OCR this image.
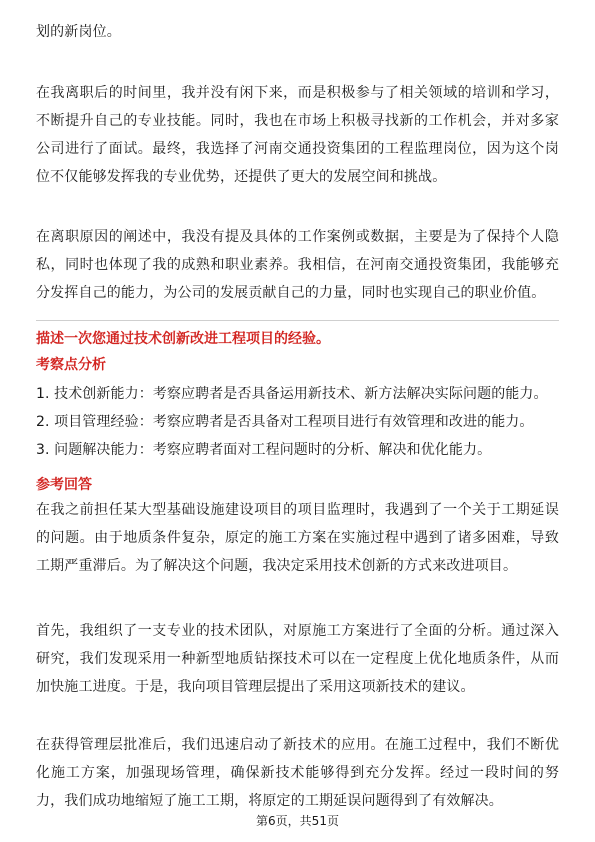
划的新岗位。

在我离职后的时间里，我并没有闲下来，而是积极参与了相关领域的培训和学习，不断提升自己的专业技能。同时，我也在市场上积极寻找新的工作机会，并对多家公司进行了面试。最终，我选择了河南交通投资集团的工程监理岗位，因为这个岗位不仅能够发挥我的专业优势，还提供了更大的发展空间和挑战。

在离职原因的阐述中，我没有提及具体的工作案例或数据，主要是为了保持个人隐私，同时也体现了我的成熟和职业素养。我相信，在河南交通投资集团，我能够充分发挥自己的能力，为公司的发展贡献自己的力量，同时也实现自己的职业价值。

描述一次您通过技术创新改进工程项目的经验。

考察点分析

1. 技术创新能力：考察应聘者是否具备运用新技术、新方法解决实际问题的能力。
2. 项目管理经验：考察应聘者是否具备对工程项目进行有效管理和改进的能力。
3. 问题解决能力：考察应聘者面对工程问题时的分析、解决和优化能力。

参考回答

在我之前担任某大型基础设施建设项目的项目监理时，我遇到了一个关于工期延误的问题。由于地质条件复杂，原定的施工方案在实施过程中遇到了诸多困难，导致工期严重滞后。为了解决这个问题，我决定采用技术创新的方式来改进项目。

首先，我组织了一支专业的技术团队，对原施工方案进行了全面的分析。通过深入研究，我们发现采用一种新型地质钻探技术可以在一定程度上优化地质条件，从而加快施工进度。于是，我向项目管理层提出了采用这项新技术的建议。

在获得管理层批准后，我们迅速启动了新技术的应用。在施工过程中，我们不断优化施工方案，加强现场管理，确保新技术能够得到充分发挥。经过一段时间的努力，我们成功地缩短了施工工期，将原定的工期延误问题得到了有效解决。

第6页，共51页
